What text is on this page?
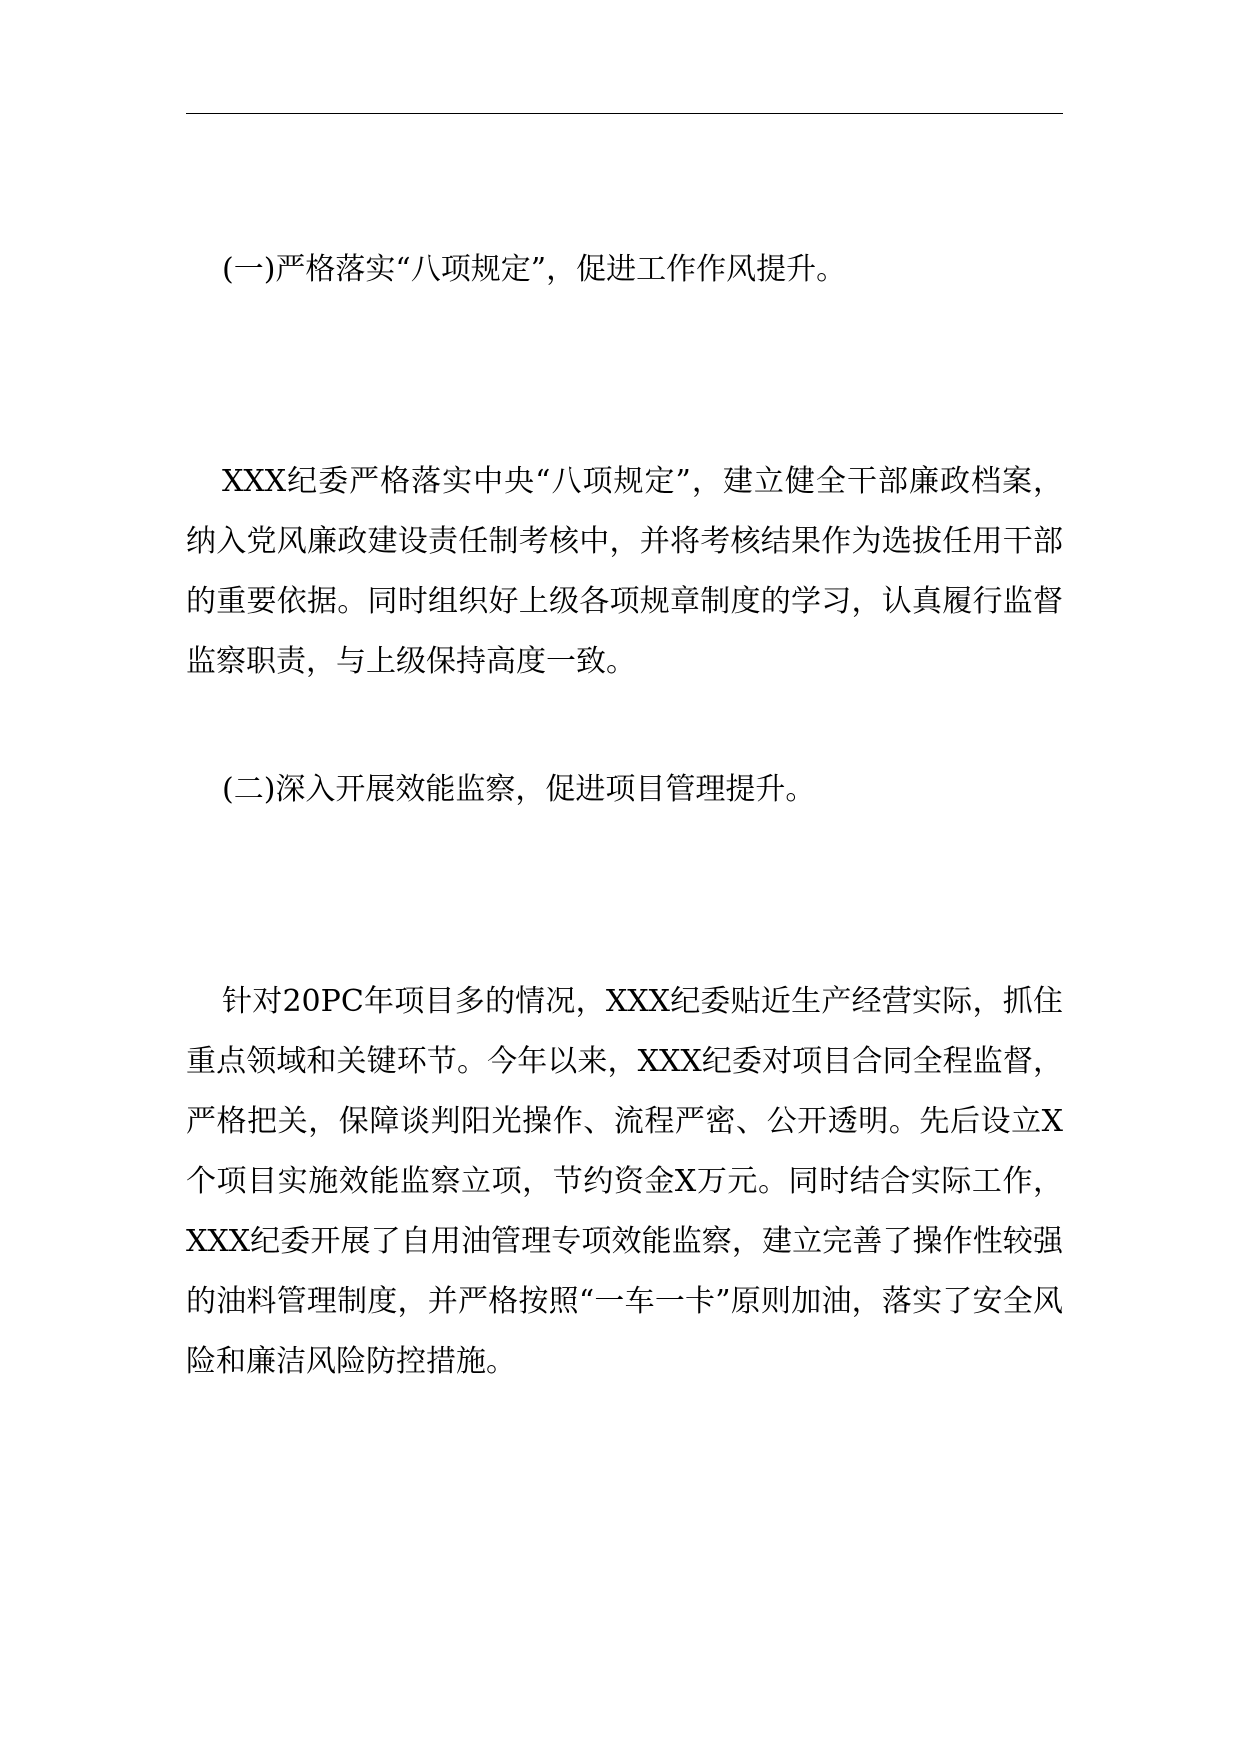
(一)严格落实“八项规定”，促进工作作风提升。
XXX纪委严格落实中央“八项规定”，建立健全干部廉政档案，纳入党风廉政建设责任制考核中，并将考核结果作为选拔任用干部的重要依据。同时组织好上级各项规章制度的学习，认真履行监督监察职责，与上级保持高度一致。
(二)深入开展效能监察，促进项目管理提升。
针对20PC年项目多的情况，XXX纪委贴近生产经营实际，抓住重点领域和关键环节。今年以来，XXX纪委对项目合同全程监督，严格把关，保障谈判阳光操作、流程严密、公开透明。先后设立X个项目实施效能监察立项，节约资金X万元。同时结合实际工作，XXX纪委开展了自用油管理专项效能监察，建立完善了操作性较强的油料管理制度，并严格按照“一车一卡”原则加油，落实了安全风险和廉洁风险防控措施。
